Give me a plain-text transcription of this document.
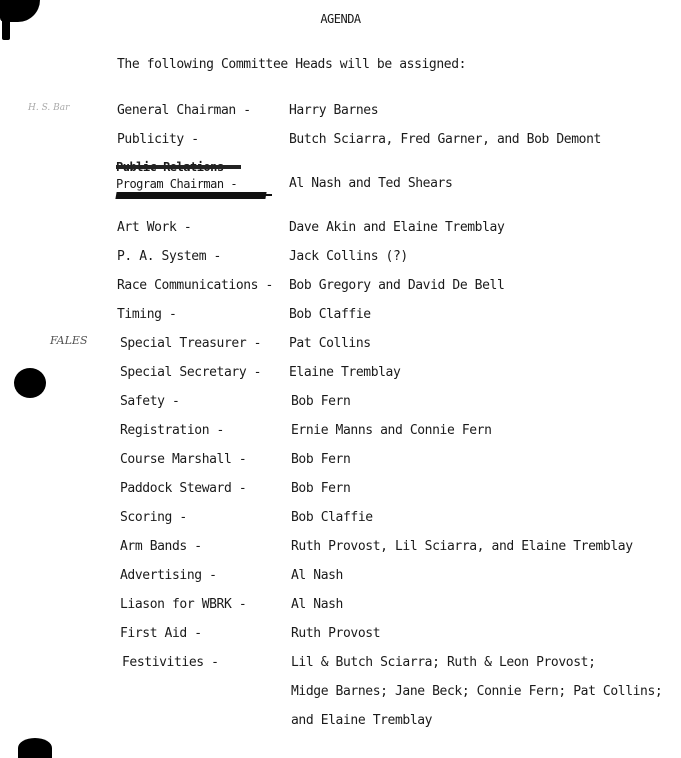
AGENDA
The following Committee Heads will be assigned:
H. S. Bar
FALES
General Chairman -	Harry Barnes
Publicity -	Butch Sciarra, Fred Garner, and Bob Demont
Program Chairman -	Al Nash and Ted Shears
Art Work -	Dave Akin and Elaine Tremblay
P. A. System -	Jack Collins (?)
Race Communications - Bob Gregory and David De Bell
Timing -	Bob Claffie
Special Treasurer - Pat Collins
Special Secretary - Elaine Tremblay
Safety -	Bob Fern
Registration -	Ernie Manns and Connie Fern
Course Marshall -	Bob Fern
Paddock Steward -	Bob Fern
Scoring -	Bob Claffie
Arm Bands -	Ruth Provost, Lil Sciarra, and Elaine Tremblay
Advertising -	Al Nash
Liason for WBRK -	Al Nash
First Aid -	Ruth Provost
Festivities -	Lil & Butch Sciarra; Ruth & Leon Provost;
Midge Barnes; Jane Beck; Connie Fern; Pat Collins;
and Elaine Tremblay
